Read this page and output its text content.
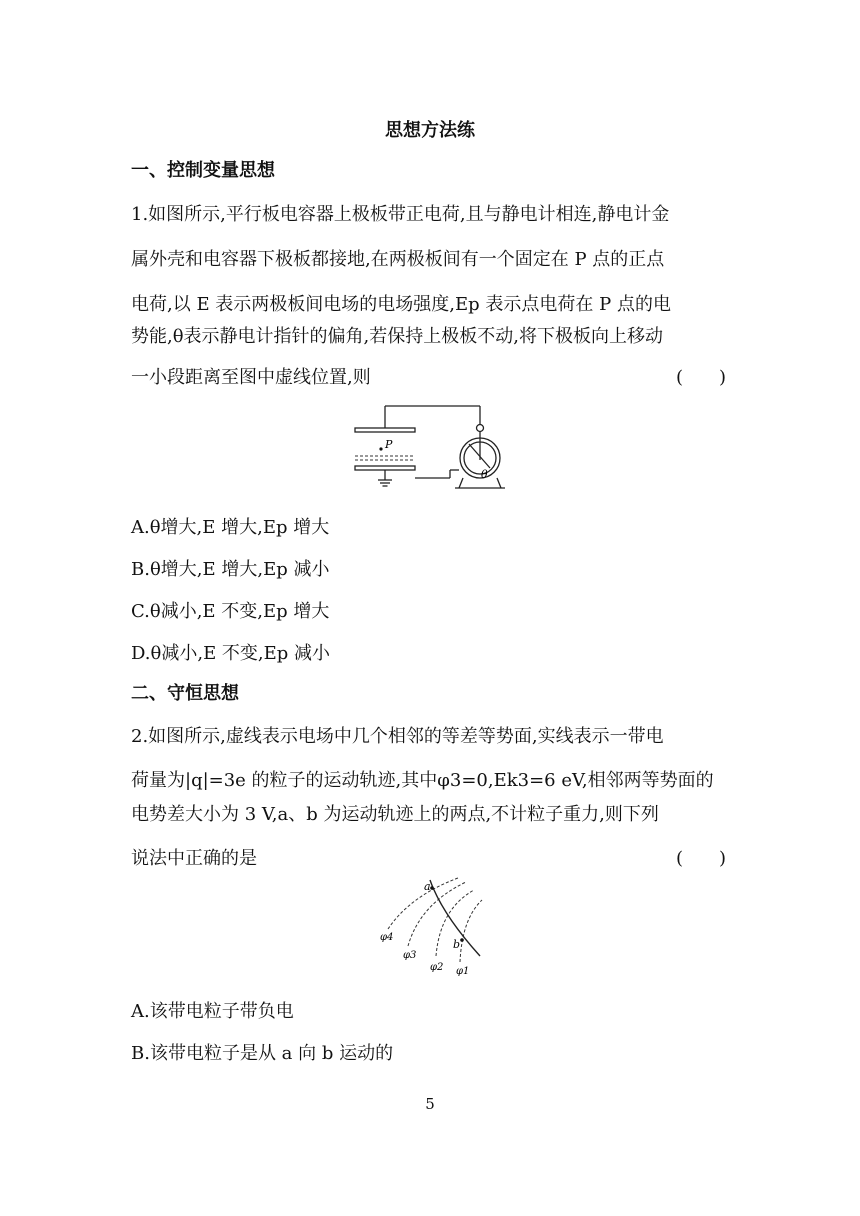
思想方法练
一、控制变量思想
1.如图所示,平行板电容器上极板带正电荷,且与静电计相连,静电计金
属外壳和电容器下极板都接地,在两极板间有一个固定在 P 点的正点
电荷,以 E 表示两极板间电场的电场强度,Ep 表示点电荷在 P 点的电
势能,θ表示静电计指针的偏角,若保持上极板不动,将下极板向上移动
一小段距离至图中虚线位置,则	(　　)
P
θ
A.θ增大,E 增大,Ep 增大
B.θ增大,E 增大,Ep 减小
C.θ减小,E 不变,Ep 增大
D.θ减小,E 不变,Ep 减小
二、守恒思想
2.如图所示,虚线表示电场中几个相邻的等差等势面,实线表示一带电
荷量为|q|=3e 的粒子的运动轨迹,其中φ3=0,Ek3=6 eV,相邻两等势面的
电势差大小为 3 V,a、b 为运动轨迹上的两点,不计粒子重力,则下列
说法中正确的是	(　　)
a
b
φ4
φ3
φ2 φ1
A.该带电粒子带负电
B.该带电粒子是从 a 向 b 运动的
5
